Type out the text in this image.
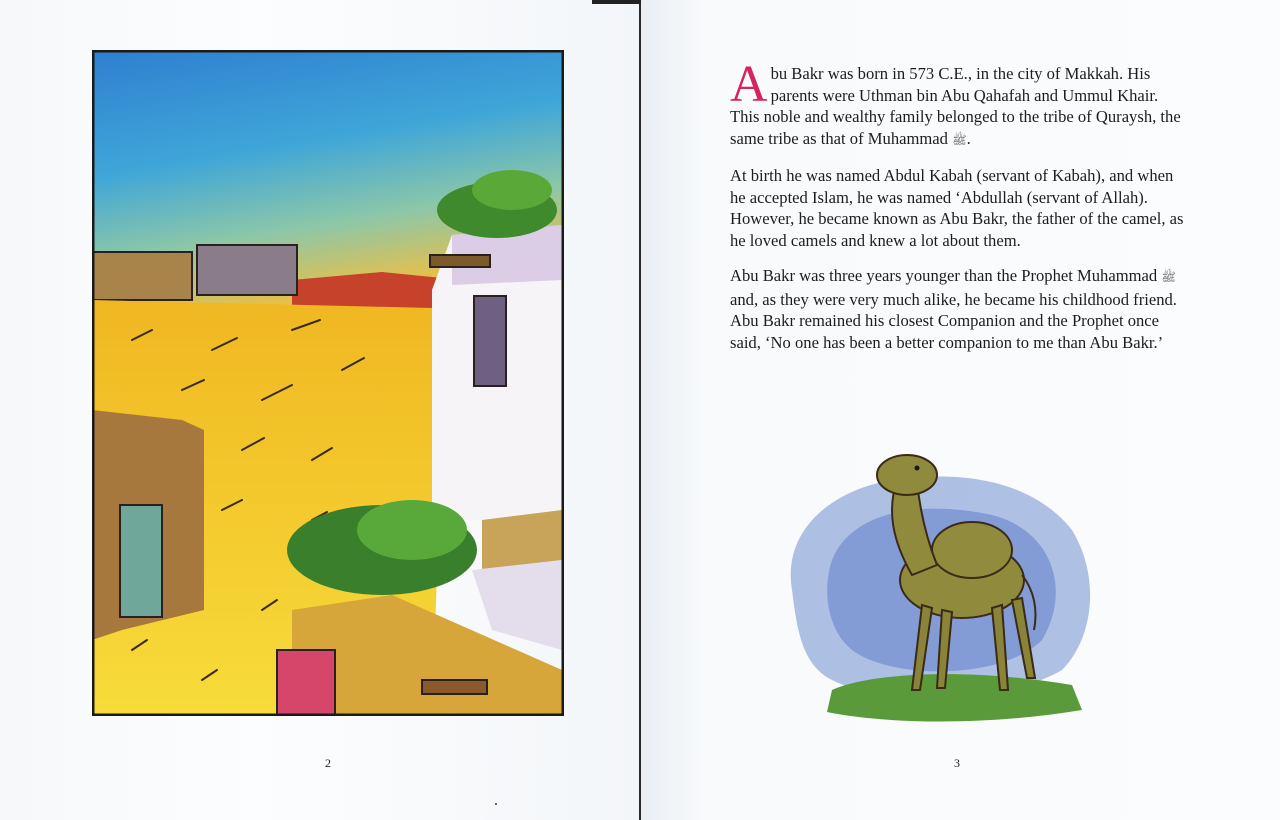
2	3

Abu Bakr was born in 573 C.E., in the city of Makkah. His parents were Uthman bin Abu Qahafah and Ummul Khair. This noble and wealthy family belonged to the tribe of Quraysh, the same tribe as that of Muhammad ﷺ.

At birth he was named Abdul Kabah (servant of Kabah), and when he accepted Islam, he was named ‘Abdullah (servant of Allah). However, he became known as Abu Bakr, the father of the camel, as he loved camels and knew a lot about them.

Abu Bakr was three years younger than the Prophet Muhammad ﷺ and, as they were very much alike, he became his childhood friend. Abu Bakr remained his closest Companion and the Prophet once said, ‘No one has been a better companion to me than Abu Bakr.’
